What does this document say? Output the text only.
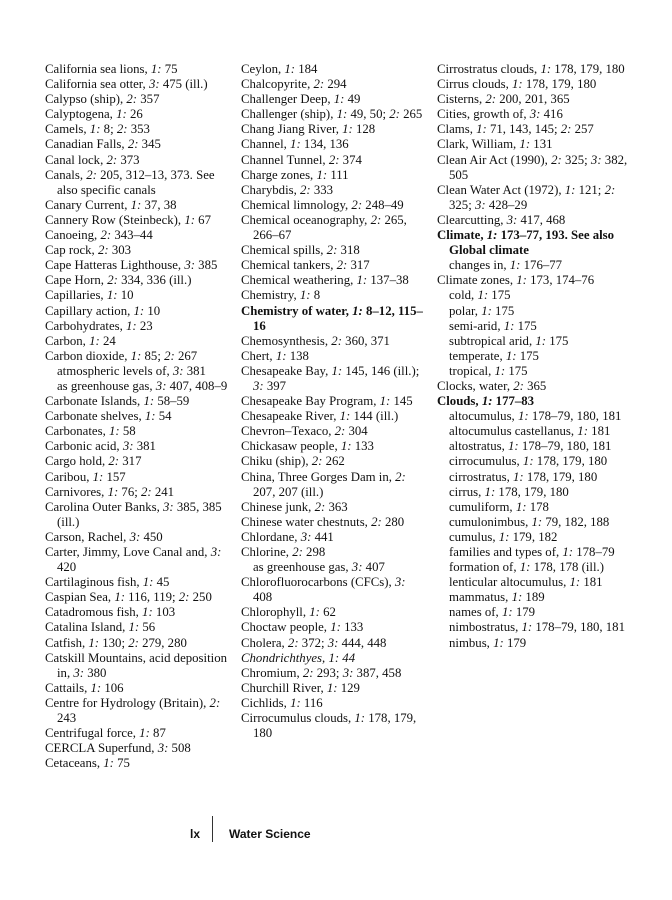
California sea lions, 1: 75
California sea otter, 3: 475 (ill.)
Calypso (ship), 2: 357
Calyptogena, 1: 26
Camels, 1: 8; 2: 353
Canadian Falls, 2: 345
Canal lock, 2: 373
Canals, 2: 205, 312–13, 373. See also specific canals
Canary Current, 1: 37, 38
Cannery Row (Steinbeck), 1: 67
Canoeing, 2: 343–44
Cap rock, 2: 303
Cape Hatteras Lighthouse, 3: 385
Cape Horn, 2: 334, 336 (ill.)
Capillaries, 1: 10
Capillary action, 1: 10
Carbohydrates, 1: 23
Carbon, 1: 24
Carbon dioxide, 1: 85; 2: 267
atmospheric levels of, 3: 381
as greenhouse gas, 3: 407, 408–9
Carbonate Islands, 1: 58–59
Carbonate shelves, 1: 54
Carbonates, 1: 58
Carbonic acid, 3: 381
Cargo hold, 2: 317
Caribou, 1: 157
Carnivores, 1: 76; 2: 241
Carolina Outer Banks, 3: 385, 385 (ill.)
Carson, Rachel, 3: 450
Carter, Jimmy, Love Canal and, 3: 420
Cartilaginous fish, 1: 45
Caspian Sea, 1: 116, 119; 2: 250
Catadromous fish, 1: 103
Catalina Island, 1: 56
Catfish, 1: 130; 2: 279, 280
Catskill Mountains, acid deposition in, 3: 380
Cattails, 1: 106
Centre for Hydrology (Britain), 2: 243
Centrifugal force, 1: 87
CERCLA Superfund, 3: 508
Cetaceans, 1: 75
Ceylon, 1: 184
Chalcopyrite, 2: 294
Challenger Deep, 1: 49
Challenger (ship), 1: 49, 50; 2: 265
Chang Jiang River, 1: 128
Channel, 1: 134, 136
Channel Tunnel, 2: 374
Charge zones, 1: 111
Charybdis, 2: 333
Chemical limnology, 2: 248–49
Chemical oceanography, 2: 265, 266–67
Chemical spills, 2: 318
Chemical tankers, 2: 317
Chemical weathering, 1: 137–38
Chemistry, 1: 8
Chemistry of water, 1: 8–12, 115–16
Chemosynthesis, 2: 360, 371
Chert, 1: 138
Chesapeake Bay, 1: 145, 146 (ill.); 3: 397
Chesapeake Bay Program, 1: 145
Chesapeake River, 1: 144 (ill.)
Chevron–Texaco, 2: 304
Chickasaw people, 1: 133
Chiku (ship), 2: 262
China, Three Gorges Dam in, 2: 207, 207 (ill.)
Chinese junk, 2: 363
Chinese water chestnuts, 2: 280
Chlordane, 3: 441
Chlorine, 2: 298
as greenhouse gas, 3: 407
Chlorofluorocarbons (CFCs), 3: 408
Chlorophyll, 1: 62
Choctaw people, 1: 133
Cholera, 2: 372; 3: 444, 448
Chondrichthyes, 1: 44
Chromium, 2: 293; 3: 387, 458
Churchill River, 1: 129
Cichlids, 1: 116
Cirrocumulus clouds, 1: 178, 179, 180
Cirrostratus clouds, 1: 178, 179, 180
Cirrus clouds, 1: 178, 179, 180
Cisterns, 2: 200, 201, 365
Cities, growth of, 3: 416
Clams, 1: 71, 143, 145; 2: 257
Clark, William, 1: 131
Clean Air Act (1990), 2: 325; 3: 382, 505
Clean Water Act (1972), 1: 121; 2: 325; 3: 428–29
Clearcutting, 3: 417, 468
Climate, 1: 173–77, 193. See also Global climate
changes in, 1: 176–77
Climate zones, 1: 173, 174–76
cold, 1: 175
polar, 1: 175
semi-arid, 1: 175
subtropical arid, 1: 175
temperate, 1: 175
tropical, 1: 175
Clocks, water, 2: 365
Clouds, 1: 177–83
altocumulus, 1: 178–79, 180, 181
altocumulus castellanus, 1: 181
altostratus, 1: 178–79, 180, 181
cirrocumulus, 1: 178, 179, 180
cirrostratus, 1: 178, 179, 180
cirrus, 1: 178, 179, 180
cumuliform, 1: 178
cumulonimbus, 1: 79, 182, 188
cumulus, 1: 179, 182
families and types of, 1: 178–79
formation of, 1: 178, 178 (ill.)
lenticular altocumulus, 1: 181
mammatus, 1: 189
names of, 1: 179
nimbostratus, 1: 178–79, 180, 181
nimbus, 1: 179
lx Water Science
